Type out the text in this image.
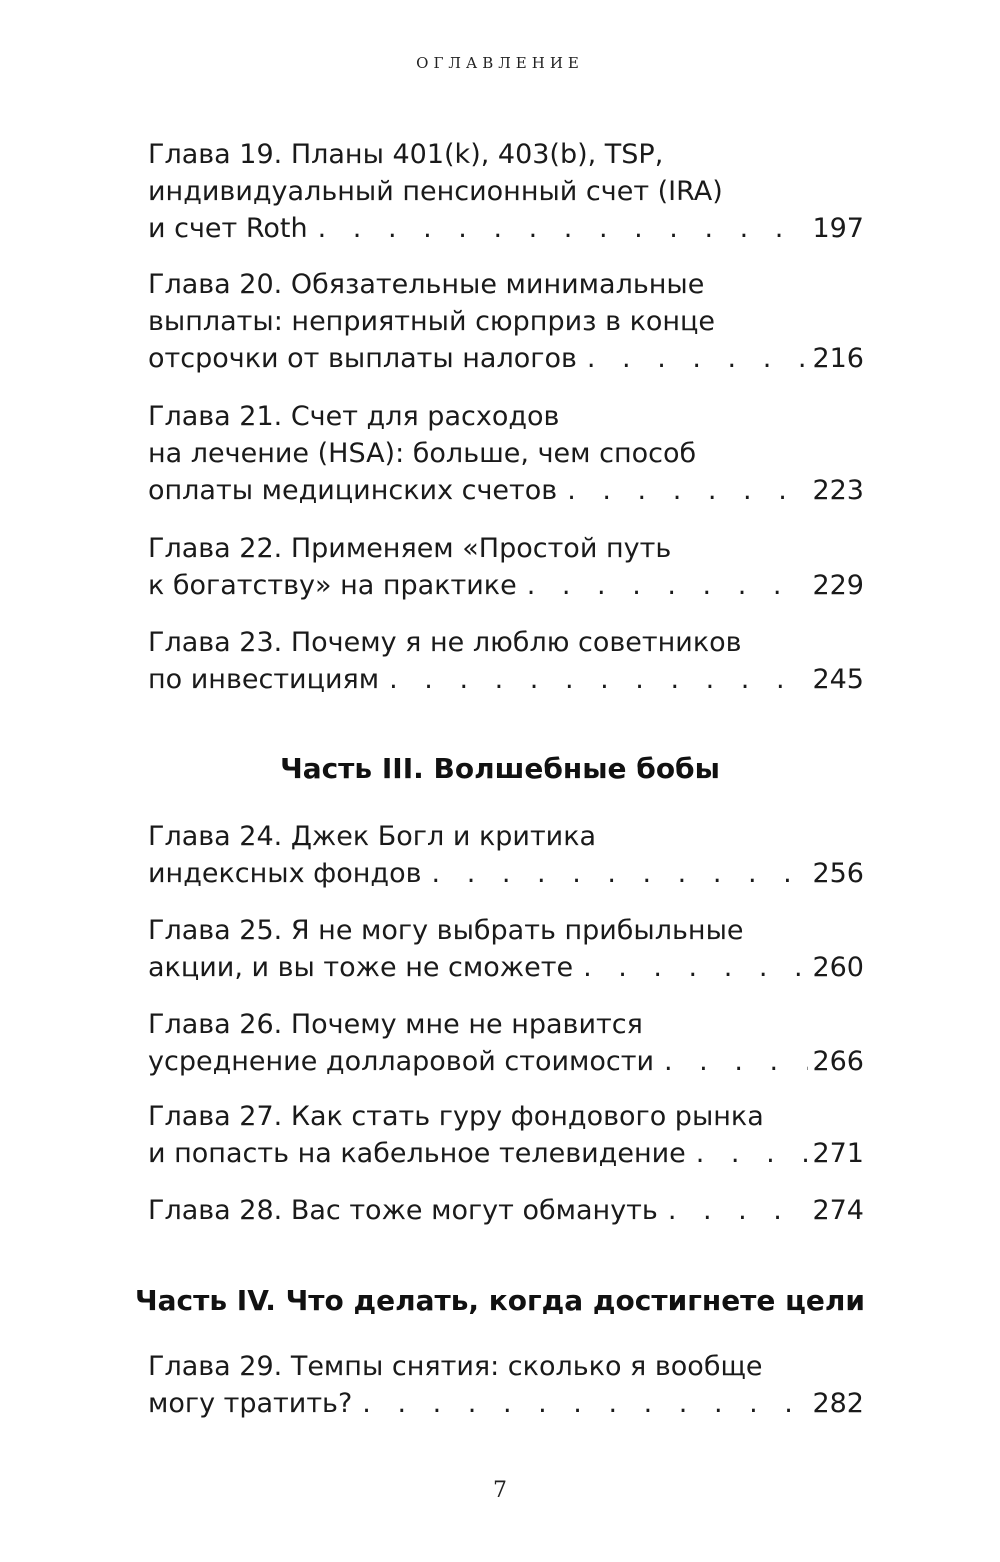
ОГЛАВЛЕНИЕ
Глава 19. Планы 401(k), 403(b), TSP,
индивидуальный пенсионный счет (IRA)
и счет Roth . . .	197
Глава 20. Обязательные минимальные
выплаты: неприятный сюрприз в конце
отсрочки от выплаты налогов . . .	216
Глава 21. Счет для расходов
на лечение (HSA): больше, чем способ
оплаты медицинских счетов . . .	223
Глава 22. Применяем «Простой путь
к богатству» на практике . . .	229
Глава 23. Почему я не люблю советников
по инвестициям . . .	245
Часть III. Волшебные бобы
Глава 24. Джек Богл и критика
индексных фондов . . .	256
Глава 25. Я не могу выбрать прибыльные
акции, и вы тоже не сможете . . .	260
Глава 26. Почему мне не нравится
усреднение долларовой стоимости . . .	266
Глава 27. Как стать гуру фондового рынка
и попасть на кабельное телевидение . . .	271
Глава 28. Вас тоже могут обмануть . . .	274
Часть IV. Что делать, когда достигнете цели
Глава 29. Темпы снятия: сколько я вообще
могу тратить? . . .	282
7
